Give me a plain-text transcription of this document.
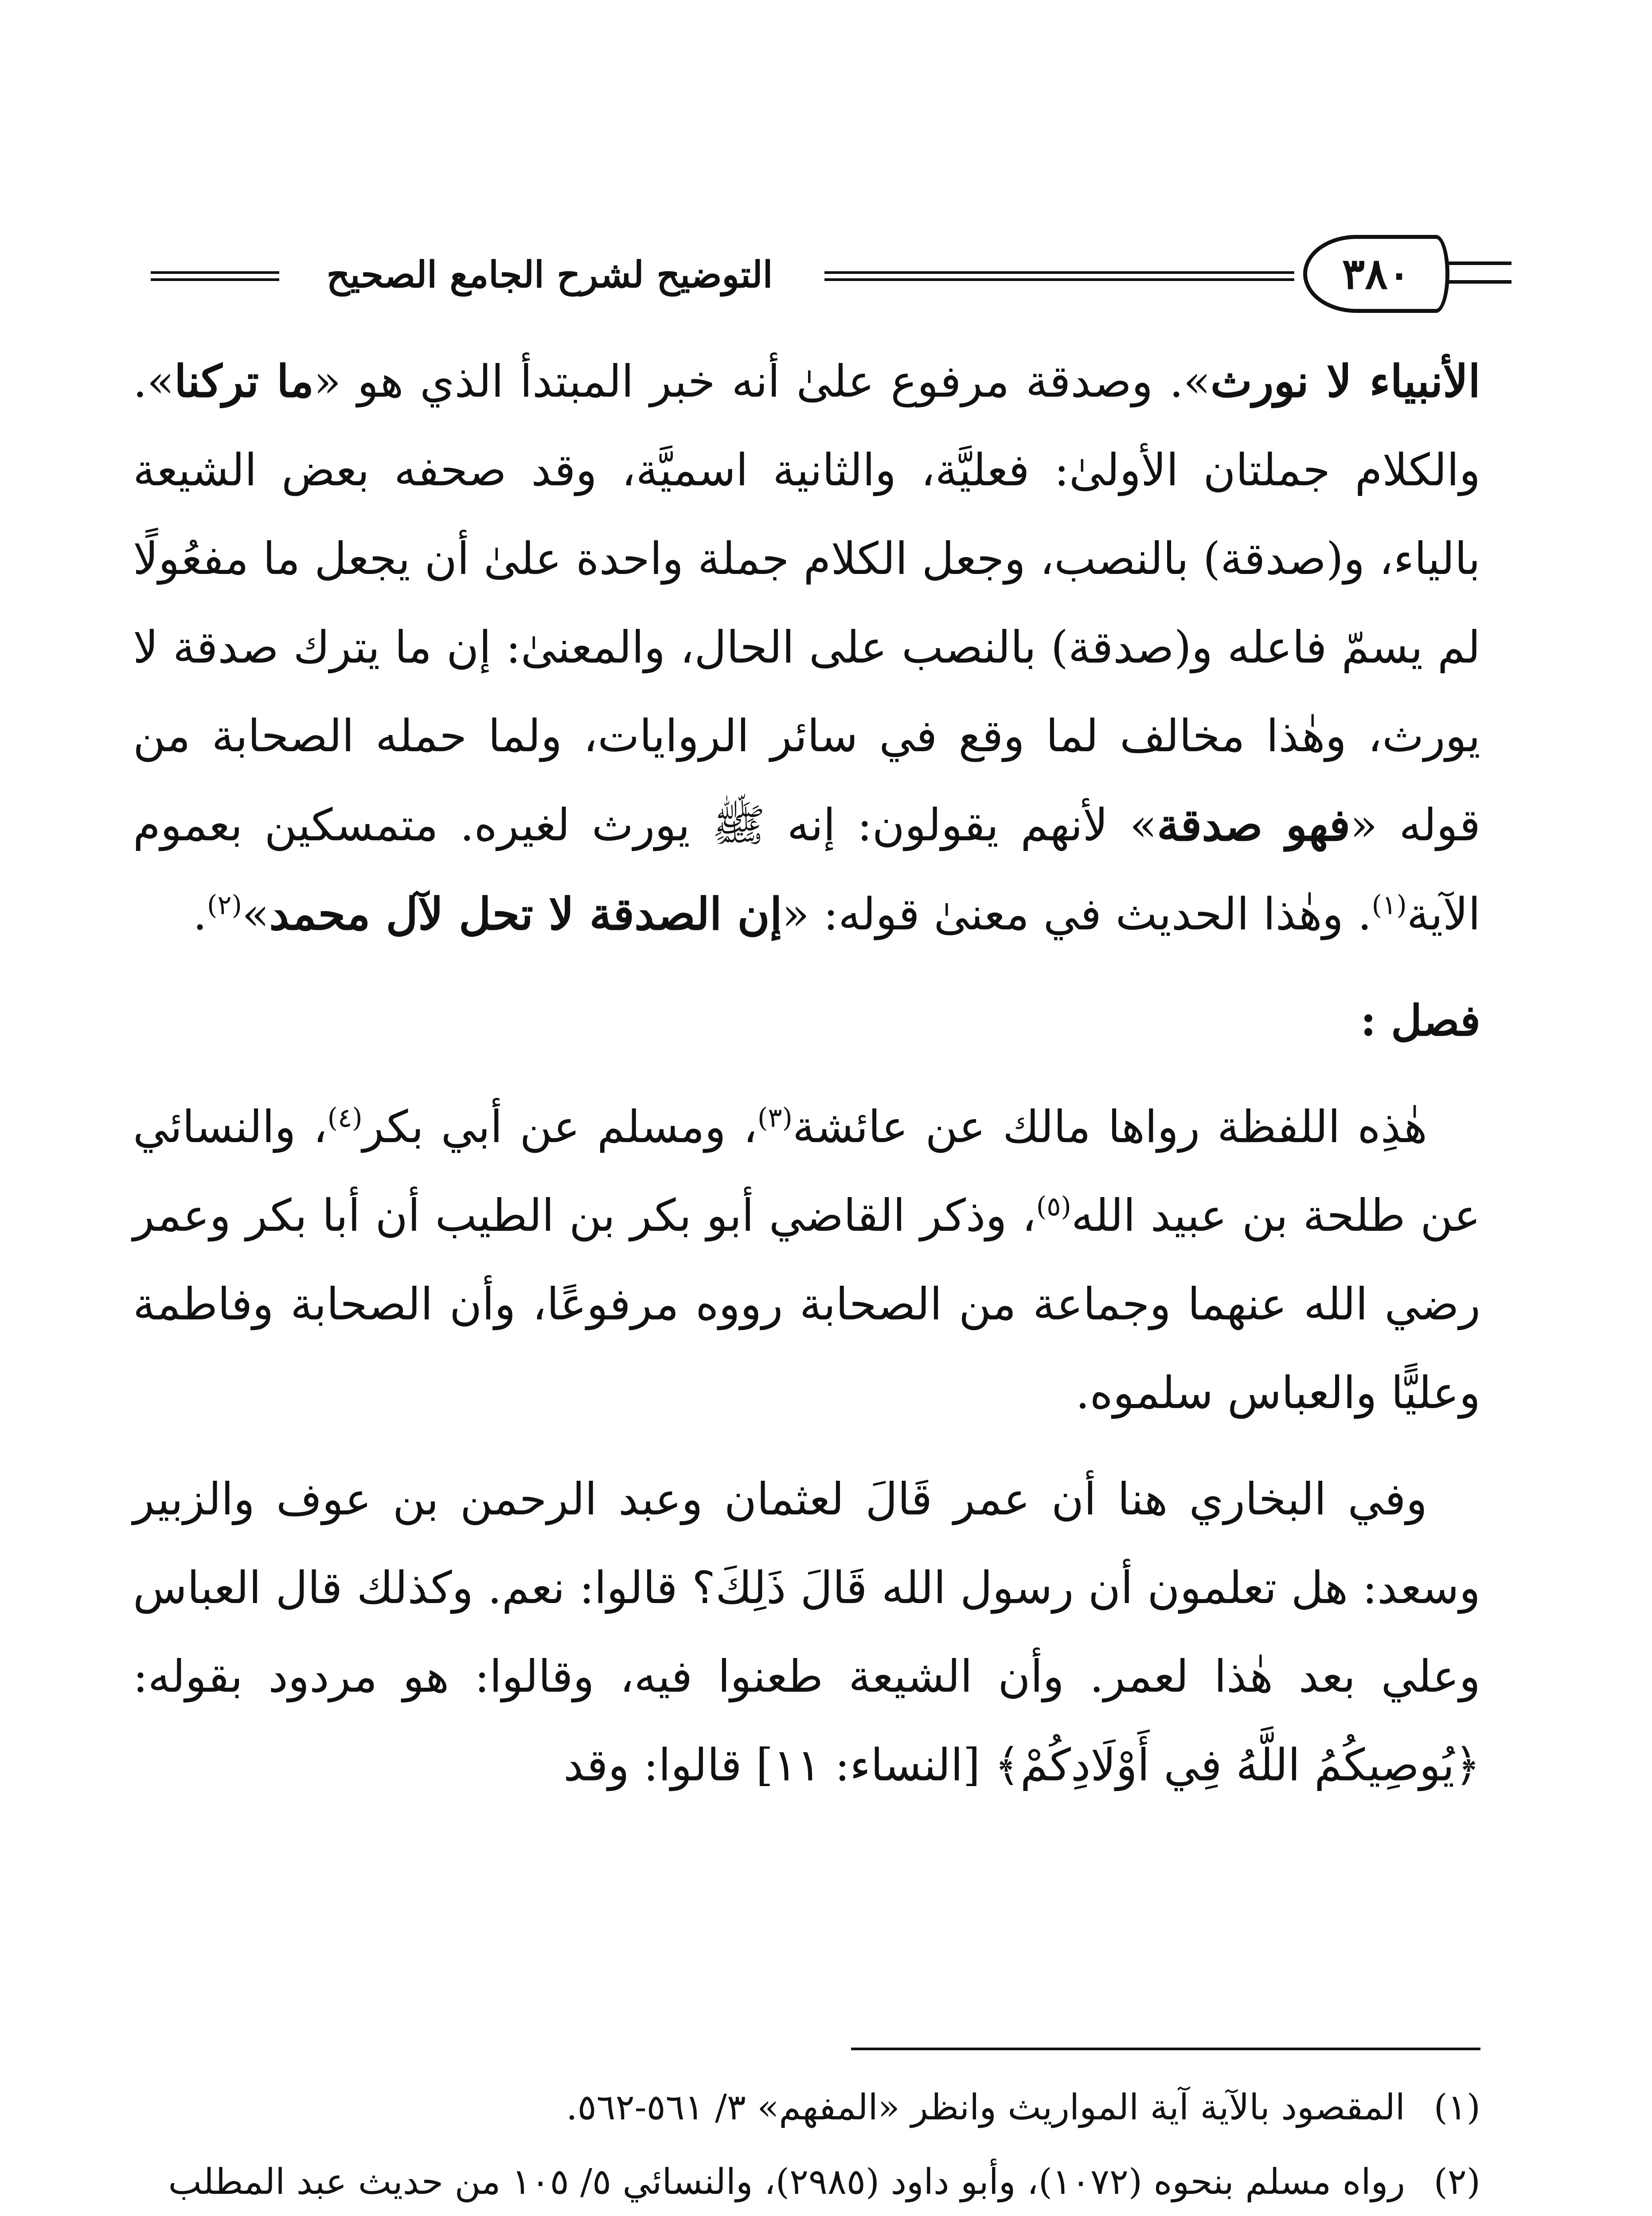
التوضيح لشرح الجامع الصحيح	٣٨٠

الأنبياء لا نورث». وصدقة مرفوع علىٰ أنه خبر المبتدأ الذي هو «ما تركنا». والكلام جملتان الأولىٰ: فعليَّة، والثانية اسميَّة، وقد صحفه بعض الشيعة بالياء، و(صدقة) بالنصب، وجعل الكلام جملة واحدة علىٰ أن يجعل ما مفعُولًا لم يسمّ فاعله و(صدقة) بالنصب على الحال، والمعنىٰ: إن ما يترك صدقة لا يورث، وهٰذا مخالف لما وقع في سائر الروايات، ولما حمله الصحابة من قوله «فهو صدقة» لأنهم يقولون: إنه ﷺ يورث لغيره. متمسكين بعموم الآية$^{(١)}$. وهٰذا الحديث في معنىٰ قوله: «إن الصدقة لا تحل لآل محمد»$^{(٢)}$.

فصل :

هٰذِه اللفظة رواها مالك عن عائشة$^{(٣)}$، ومسلم عن أبي بكر$^{(٤)}$، والنسائي عن طلحة بن عبيد الله$^{(٥)}$، وذكر القاضي أبو بكر بن الطيب أن أبا بكر وعمر رضي الله عنهما وجماعة من الصحابة رووه مرفوعًا، وأن الصحابة وفاطمة وعليًّا والعباس سلموه.

وفي البخاري هنا أن عمر قَالَ لعثمان وعبد الرحمن بن عوف والزبير وسعد: هل تعلمون أن رسول الله قَالَ ذَلِكَ؟ قالوا: نعم. وكذلك قال العباس وعلي بعد هٰذا لعمر. وأن الشيعة طعنوا فيه، وقالوا: هو مردود بقوله: ﴿يُوصِيكُمُ اللَّهُ فِي أَوْلَادِكُمْ﴾ [النساء: ١١] قالوا: وقد

(١)
المقصود بالآية آية المواريث وانظر «المفهم» ٣/ ٥٦١-٥٦٢.
(٢)
رواه مسلم بنحوه (١٠٧٢)، وأبو داود (٢٩٨٥)، والنسائي ٥/ ١٠٥ من حديث عبد المطلب
